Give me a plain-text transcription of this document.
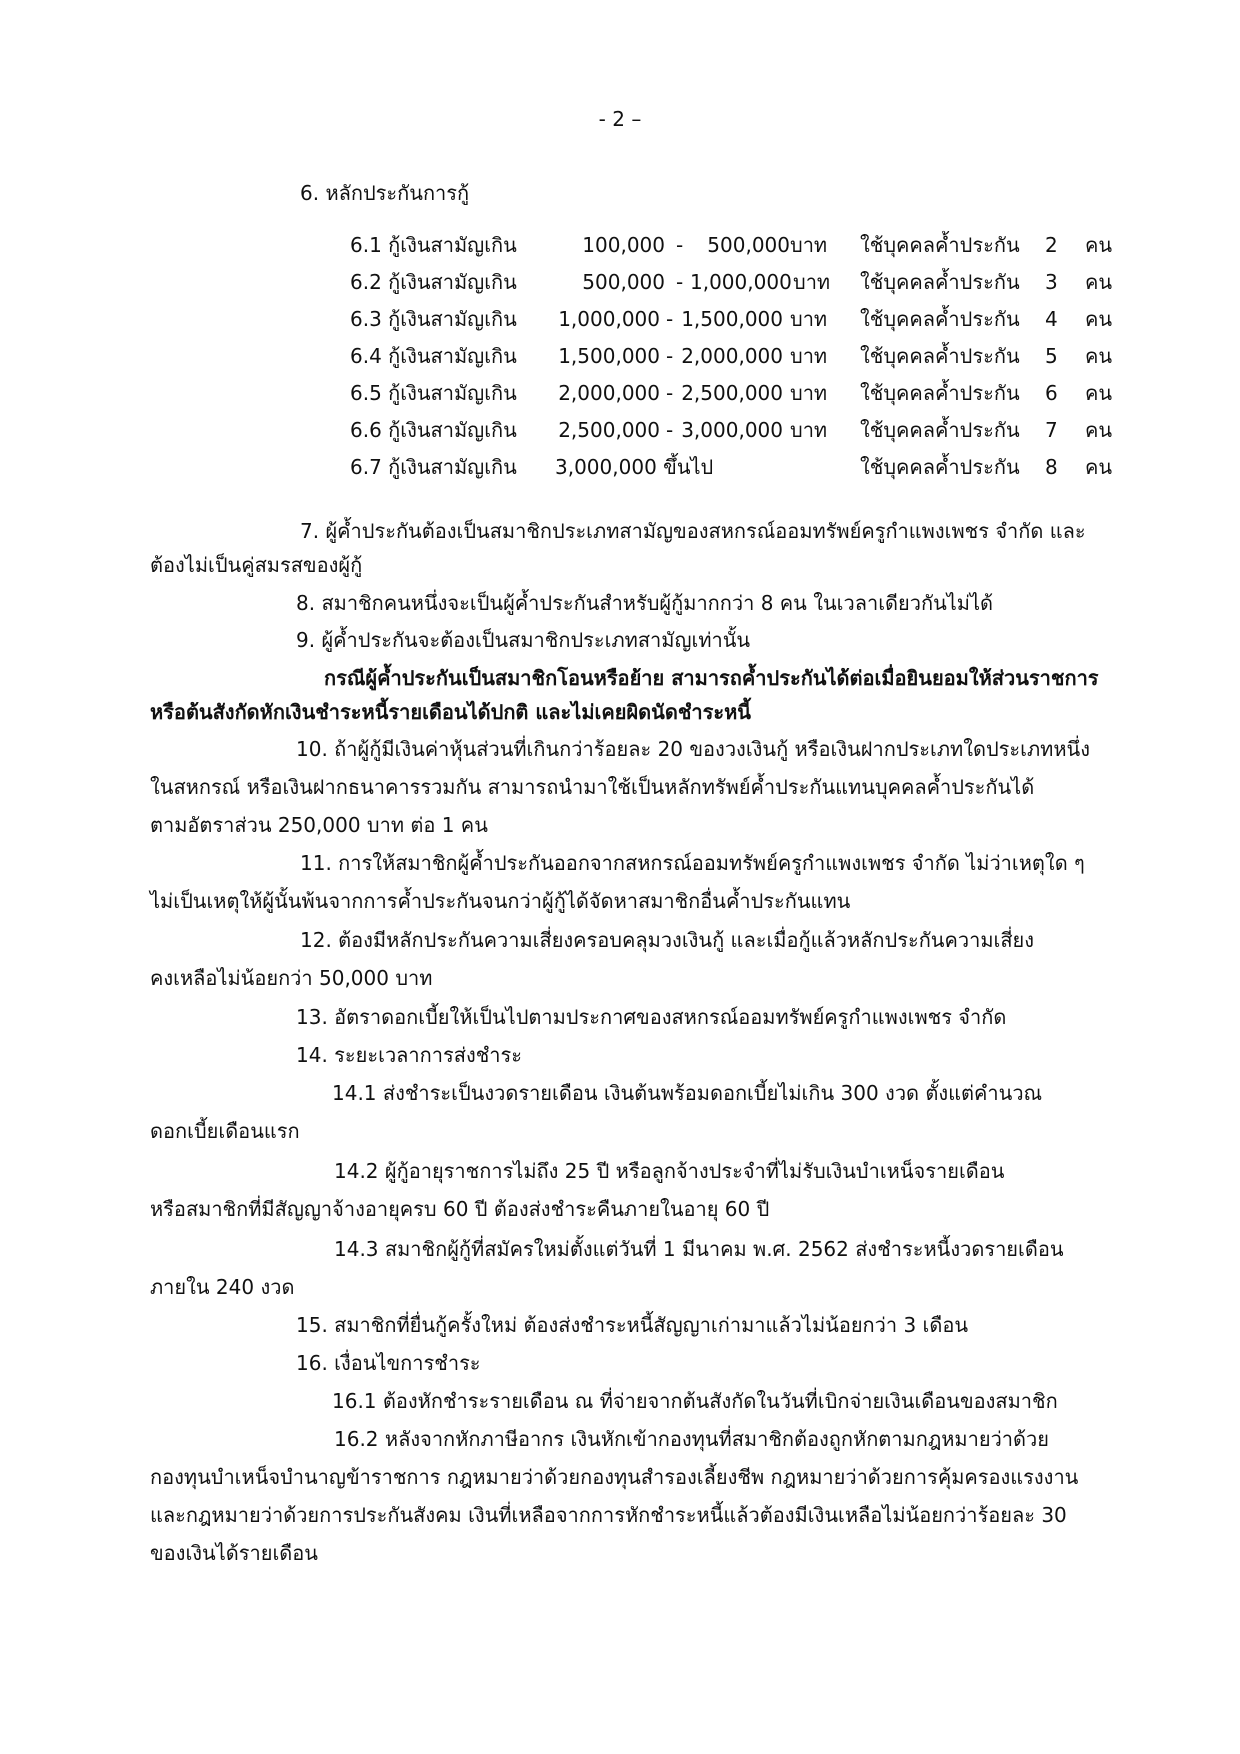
- 2 –
6. หลักประกันการกู้
6.1 กู้เงินสามัญเกิน	100,000 -	500,000 บาท ใช้บุคคลค้ำประกัน 2 คน
6.2 กู้เงินสามัญเกิน	500,000 - 1,000,000 บาท ใช้บุคคลค้ำประกัน 3 คน
6.3 กู้เงินสามัญเกิน	1,000,000 - 1,500,000 บาท ใช้บุคคลค้ำประกัน 4 คน
6.4 กู้เงินสามัญเกิน	1,500,000 - 2,000,000 บาท ใช้บุคคลค้ำประกัน 5 คน
6.5 กู้เงินสามัญเกิน	2,000,000 - 2,500,000 บาท ใช้บุคคลค้ำประกัน 6 คน
6.6 กู้เงินสามัญเกิน	2,500,000 - 3,000,000 บาท ใช้บุคคลค้ำประกัน 7 คน
6.7 กู้เงินสามัญเกิน 3,000,000 ขึ้นไป	ใช้บุคคลค้ำประกัน 8 คน
7. ผู้ค้ำประกันต้องเป็นสมาชิกประเภทสามัญของสหกรณ์ออมทรัพย์ครูกำแพงเพชร จำกัด และ
ต้องไม่เป็นคู่สมรสของผู้กู้
8. สมาชิกคนหนึ่งจะเป็นผู้ค้ำประกันสำหรับผู้กู้มากกว่า 8 คน ในเวลาเดียวกันไม่ได้
9. ผู้ค้ำประกันจะต้องเป็นสมาชิกประเภทสามัญเท่านั้น
กรณีผู้ค้ำประกันเป็นสมาชิกโอนหรือย้าย สามารถค้ำประกันได้ต่อเมื่อยินยอมให้ส่วนราชการ
หรือต้นสังกัดหักเงินชำระหนี้รายเดือนได้ปกติ และไม่เคยผิดนัดชำระหนี้
10. ถ้าผู้กู้มีเงินค่าหุ้นส่วนที่เกินกว่าร้อยละ 20 ของวงเงินกู้ หรือเงินฝากประเภทใดประเภทหนึ่ง
ในสหกรณ์ หรือเงินฝากธนาคารรวมกัน สามารถนำมาใช้เป็นหลักทรัพย์ค้ำประกันแทนบุคคลค้ำประกันได้
ตามอัตราส่วน 250,000 บาท ต่อ 1 คน
11. การให้สมาชิกผู้ค้ำประกันออกจากสหกรณ์ออมทรัพย์ครูกำแพงเพชร จำกัด ไม่ว่าเหตุใด ๆ
ไม่เป็นเหตุให้ผู้นั้นพ้นจากการค้ำประกันจนกว่าผู้กู้ได้จัดหาสมาชิกอื่นค้ำประกันแทน
12. ต้องมีหลักประกันความเสี่ยงครอบคลุมวงเงินกู้ และเมื่อกู้แล้วหลักประกันความเสี่ยง
คงเหลือไม่น้อยกว่า 50,000 บาท
13. อัตราดอกเบี้ยให้เป็นไปตามประกาศของสหกรณ์ออมทรัพย์ครูกำแพงเพชร จำกัด
14. ระยะเวลาการส่งชำระ
14.1 ส่งชำระเป็นงวดรายเดือน เงินต้นพร้อมดอกเบี้ยไม่เกิน 300 งวด ตั้งแต่คำนวณ
ดอกเบี้ยเดือนแรก
14.2 ผู้กู้อายุราชการไม่ถึง 25 ปี หรือลูกจ้างประจำที่ไม่รับเงินบำเหน็จรายเดือน
หรือสมาชิกที่มีสัญญาจ้างอายุครบ 60 ปี ต้องส่งชำระคืนภายในอายุ 60 ปี
14.3 สมาชิกผู้กู้ที่สมัครใหม่ตั้งแต่วันที่ 1 มีนาคม พ.ศ. 2562 ส่งชำระหนี้งวดรายเดือน
ภายใน 240 งวด
15. สมาชิกที่ยื่นกู้ครั้งใหม่ ต้องส่งชำระหนี้สัญญาเก่ามาแล้วไม่น้อยกว่า 3 เดือน
16. เงื่อนไขการชำระ
16.1 ต้องหักชำระรายเดือน ณ ที่จ่ายจากต้นสังกัดในวันที่เบิกจ่ายเงินเดือนของสมาชิก
16.2 หลังจากหักภาษีอากร เงินหักเข้ากองทุนที่สมาชิกต้องถูกหักตามกฎหมายว่าด้วย
กองทุนบำเหน็จบำนาญข้าราชการ กฎหมายว่าด้วยกองทุนสำรองเลี้ยงชีพ กฎหมายว่าด้วยการคุ้มครองแรงงาน
และกฎหมายว่าด้วยการประกันสังคม เงินที่เหลือจากการหักชำระหนี้แล้วต้องมีเงินเหลือไม่น้อยกว่าร้อยละ 30
ของเงินได้รายเดือน
